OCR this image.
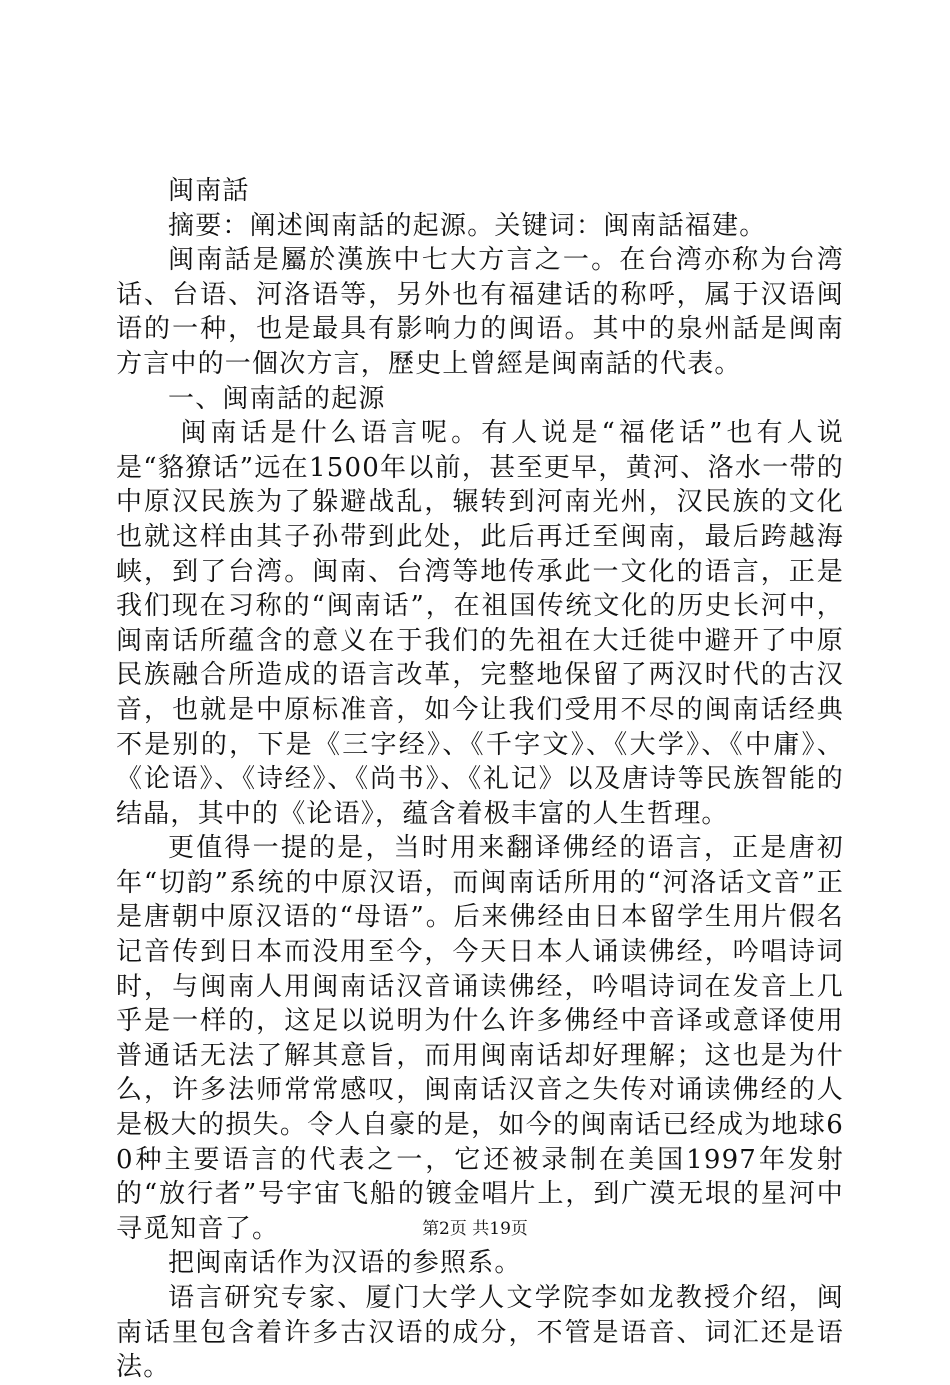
闽南話

摘要：阐述闽南話的起源。关键词：闽南話福建。

闽南話是屬於漢族中七大方言之一。在台湾亦称为台湾话、台语、河洛语等，另外也有福建话的称呼，属于汉语闽语的一种，也是最具有影响力的闽语。其中的泉州話是闽南方言中的一個次方言，歷史上曾經是闽南話的代表。

一、闽南話的起源

闽南话是什么语言呢。有人说是“福佬话”也有人说是“貉獠话”远在1500年以前，甚至更早，黄河、洛水一带的中原汉民族为了躲避战乱，辗转到河南光州，汉民族的文化也就这样由其子孙带到此处，此后再迁至闽南，最后跨越海峡，到了台湾。闽南、台湾等地传承此一文化的语言，正是我们现在习称的“闽南话”，在祖国传统文化的历史长河中，闽南话所蕴含的意义在于我们的先祖在大迁徙中避开了中原民族融合所造成的语言改革，完整地保留了两汉时代的古汉音，也就是中原标准音，如今让我们受用不尽的闽南话经典不是别的，下是《三字经》、《千字文》、《大学》、《中庸》、《论语》、《诗经》、《尚书》、《礼记》以及唐诗等民族智能的结晶，其中的《论语》，蕴含着极丰富的人生哲理。

更值得一提的是，当时用来翻译佛经的语言，正是唐初年“切韵”系统的中原汉语，而闽南话所用的“河洛话文音”正是唐朝中原汉语的“母语”。后来佛经由日本留学生用片假名记音传到日本而没用至今，今天日本人诵读佛经，吟唱诗词时，与闽南人用闽南话汉音诵读佛经，吟唱诗词在发音上几乎是一样的，这足以说明为什么许多佛经中音译或意译使用普通话无法了解其意旨，而用闽南话却好理解；这也是为什么，许多法师常常感叹，闽南话汉音之失传对诵读佛经的人是极大的损失。令人自豪的是，如今的闽南话已经成为地球60种主要语言的代表之一，它还被录制在美国1997年发射的“放行者”号宇宙飞船的镀金唱片上，到广漠无垠的星河中寻觅知音了。

把闽南话作为汉语的参照系。

语言研究专家、厦门大学人文学院李如龙教授介绍，闽南话里包含着许多古汉语的成分，不管是语音、词汇还是语法。

第2页 共19页
